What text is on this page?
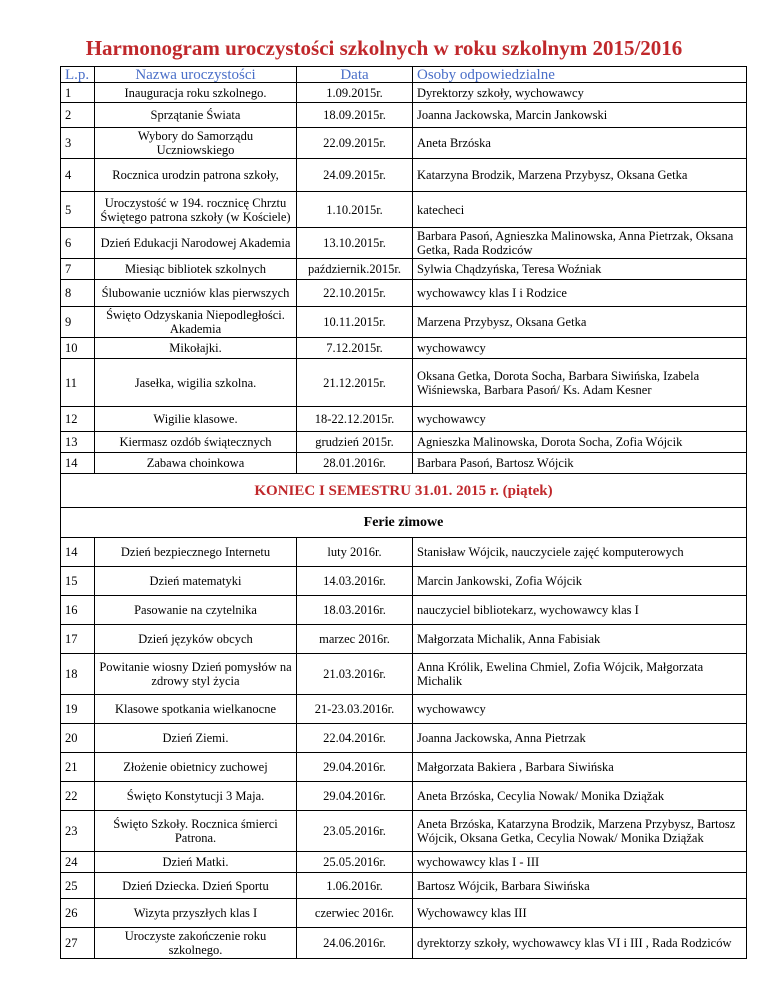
Harmonogram uroczystości szkolnych w roku szkolnym 2015/2016
L.p.	Nazwa uroczystości	Data	Osoby odpowiedzialne
1	Inauguracja roku szkolnego.	1.09.2015r.	Dyrektorzy szkoły, wychowawcy
2	Sprzątanie Świata	18.09.2015r.	Joanna Jackowska, Marcin Jankowski
3	Wybory do Samorządu Uczniowskiego	22.09.2015r.	Aneta Brzóska
4	Rocznica urodzin patrona szkoły,	24.09.2015r.	Katarzyna Brodzik, Marzena Przybysz, Oksana Getka
5	Uroczystość w 194. rocznicę Chrztu Świętego patrona szkoły (w Kościele)	1.10.2015r.	katecheci
6	Dzień Edukacji Narodowej Akademia	13.10.2015r.	Barbara Pasoń, Agnieszka Malinowska, Anna Pietrzak, Oksana Getka, Rada Rodziców
7	Miesiąc bibliotek szkolnych	październik.2015r.	Sylwia Chądzyńska, Teresa Woźniak
8	Ślubowanie uczniów klas pierwszych	22.10.2015r.	wychowawcy klas I i Rodzice
9	Święto Odzyskania Niepodległości. Akademia	10.11.2015r.	Marzena Przybysz, Oksana Getka
10	Mikołajki.	7.12.2015r.	wychowawcy
11	Jasełka, wigilia szkolna.	21.12.2015r.	Oksana Getka, Dorota Socha, Barbara Siwińska, Izabela Wiśniewska, Barbara Pasoń/ Ks. Adam Kesner
12	Wigilie klasowe.	18-22.12.2015r.	wychowawcy
13	Kiermasz ozdób świątecznych	grudzień 2015r.	Agnieszka Malinowska, Dorota Socha, Zofia Wójcik
14	Zabawa choinkowa	28.01.2016r.	Barbara Pasoń, Bartosz Wójcik
KONIEC I SEMESTRU 31.01. 2015 r. (piątek)			
Ferie zimowe			
14	Dzień bezpiecznego Internetu	luty 2016r.	Stanisław Wójcik, nauczyciele zajęć komputerowych
15	Dzień matematyki	14.03.2016r.	Marcin Jankowski, Zofia Wójcik
16	Pasowanie na czytelnika	18.03.2016r.	nauczyciel bibliotekarz, wychowawcy klas I
17	Dzień języków obcych	marzec 2016r.	Małgorzata Michalik, Anna Fabisiak
18	Powitanie wiosny Dzień pomysłów na zdrowy styl życia	21.03.2016r.	Anna Królik, Ewelina Chmiel, Zofia Wójcik, Małgorzata Michalik
19	Klasowe spotkania wielkanocne	21-23.03.2016r.	wychowawcy
20	Dzień Ziemi.	22.04.2016r.	Joanna Jackowska, Anna Pietrzak
21	Złożenie obietnicy zuchowej	29.04.2016r.	Małgorzata Bakiera , Barbara Siwińska
22	Święto Konstytucji 3 Maja.	29.04.2016r.	Aneta Brzóska, Cecylia Nowak/ Monika Dziąžak
23	Święto Szkoły. Rocznica śmierci Patrona.	23.05.2016r.	Aneta Brzóska, Katarzyna Brodzik, Marzena Przybysz, Bartosz Wójcik, Oksana Getka, Cecylia Nowak/ Monika Dziąžak
24	Dzień Matki.	25.05.2016r.	wychowawcy klas I - III
25	Dzień Dziecka. Dzień Sportu	1.06.2016r.	Bartosz Wójcik, Barbara Siwińska
26	Wizyta przyszłych klas I	czerwiec 2016r.	Wychowawcy klas III
27	Uroczyste zakończenie roku szkolnego.	24.06.2016r.	dyrektorzy szkoły, wychowawcy klas VI i III , Rada Rodziców
